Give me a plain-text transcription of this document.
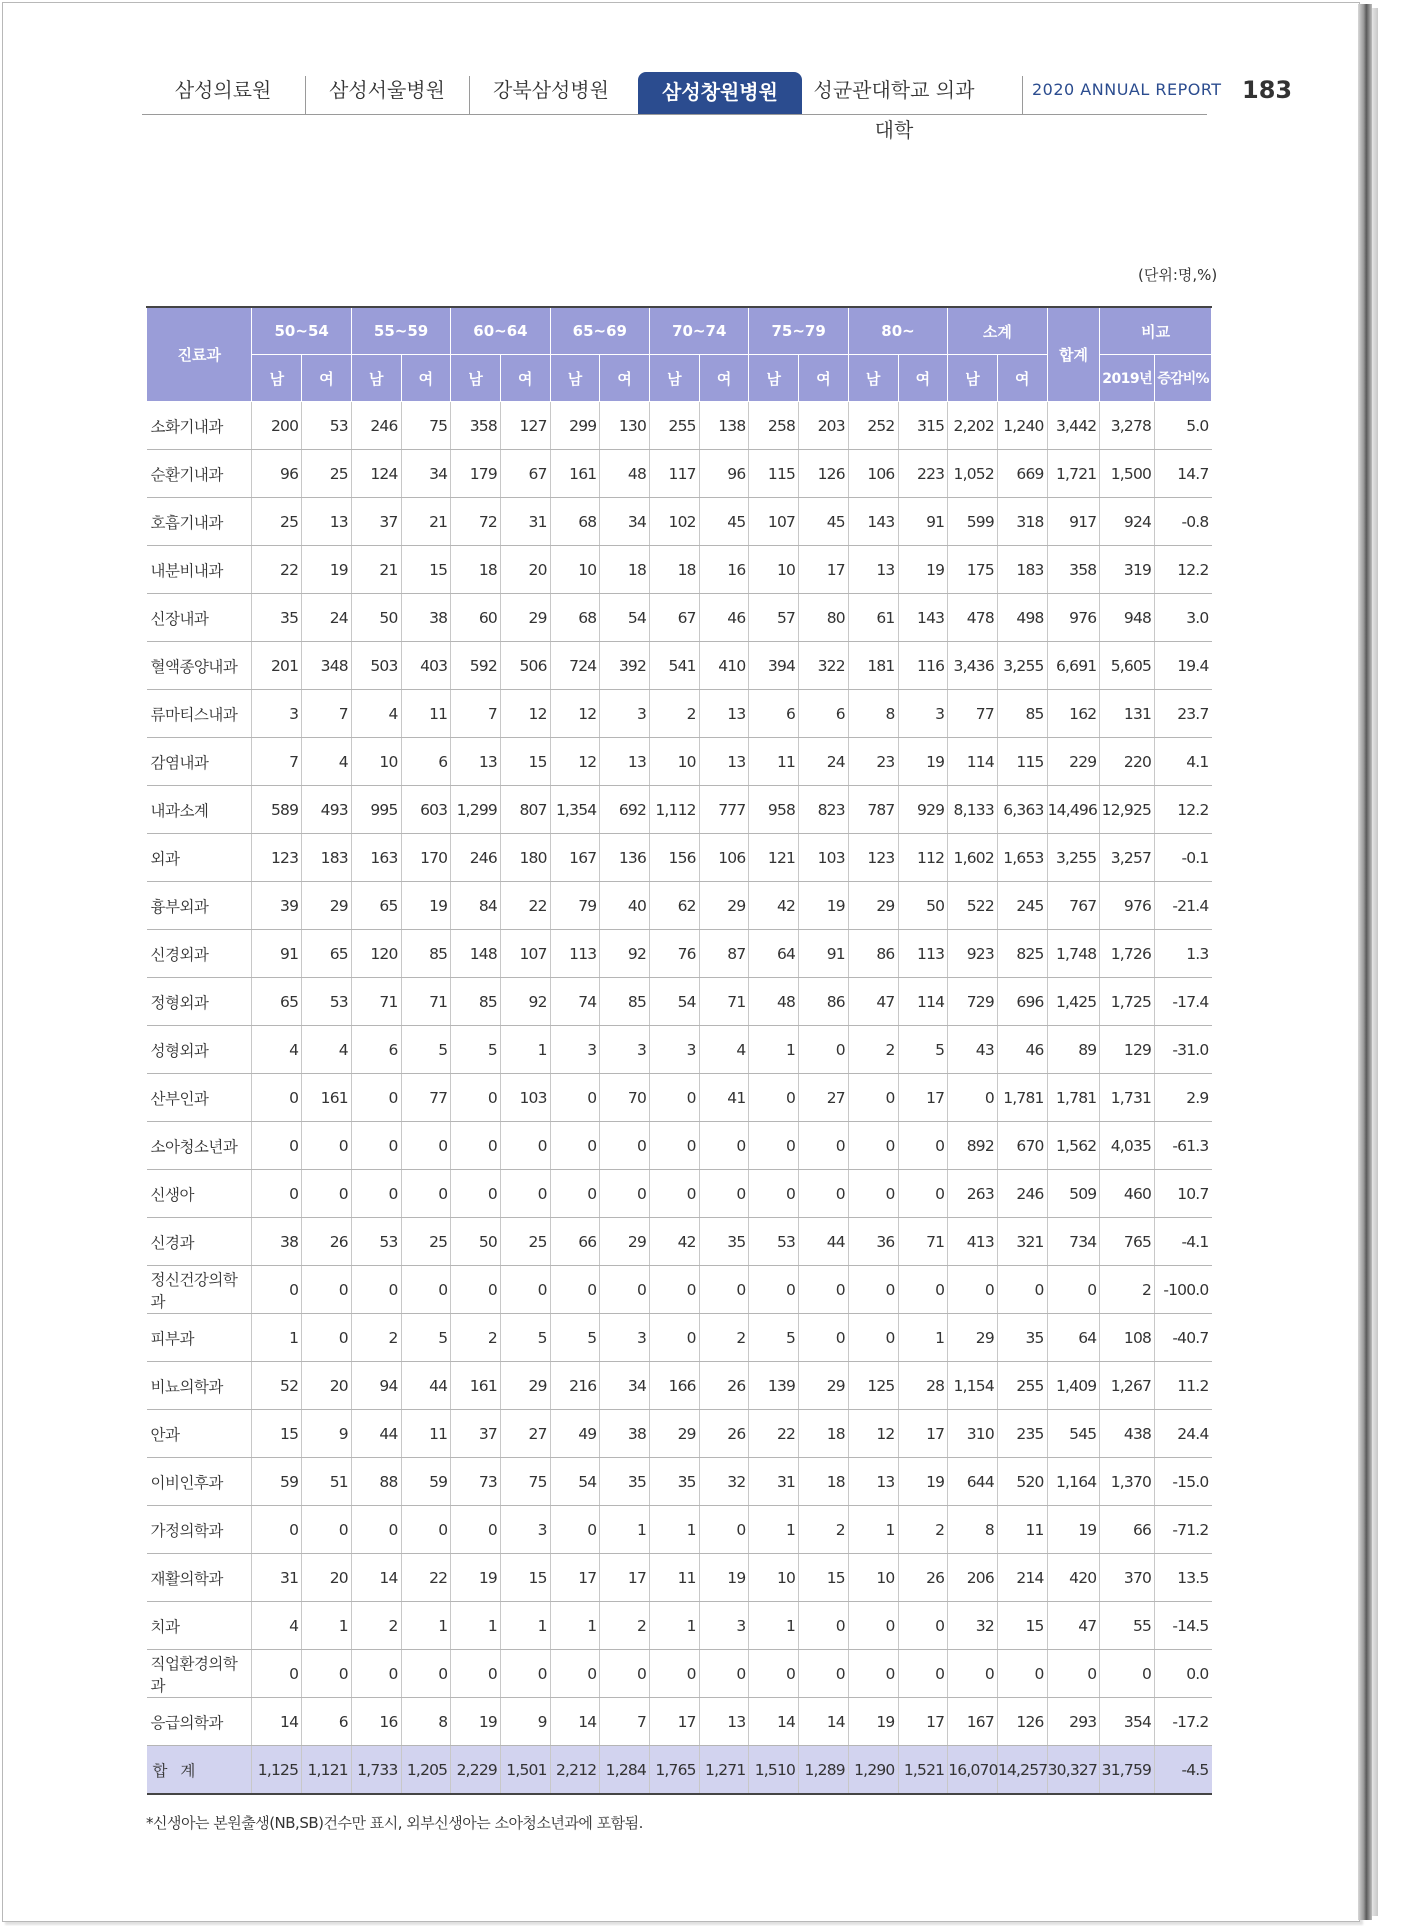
삼성의료원	삼성서울병원	강북삼성병원	삼성창원병원	성균관대학교 의과대학
2020 ANNUAL REPORT 183
(단위:명,%)
진료과	50~54		55~59		60~64		65~69		70~74		75~79		80~		소계		합계	비교	
	남	여	남	여	남	여	남	여	남	여	남	여	남	여	남	여		2019년	증감비%
소화기내과	200	53	246	75	358	127	299	130	255	138	258	203	252	315	2,202	1,240	3,442	3,278	5.0
순환기내과	96	25	124	34	179	67	161	48	117	96	115	126	106	223	1,052	669	1,721	1,500	14.7
호흡기내과	25	13	37	21	72	31	68	34	102	45	107	45	143	91	599	318	917	924	-0.8
내분비내과	22	19	21	15	18	20	10	18	18	16	10	17	13	19	175	183	358	319	12.2
신장내과	35	24	50	38	60	29	68	54	67	46	57	80	61	143	478	498	976	948	3.0
혈액종양내과	201	348	503	403	592	506	724	392	541	410	394	322	181	116	3,436	3,255	6,691	5,605	19.4
류마티스내과	3	7	4	11	7	12	12	3	2	13	6	6	8	3	77	85	162	131	23.7
감염내과	7	4	10	6	13	15	12	13	10	13	11	24	23	19	114	115	229	220	4.1
내과소계	589	493	995	603	1,299	807	1,354	692	1,112	777	958	823	787	929	8,133	6,363	14,496	12,925	12.2
외과	123	183	163	170	246	180	167	136	156	106	121	103	123	112	1,602	1,653	3,255	3,257	-0.1
흉부외과	39	29	65	19	84	22	79	40	62	29	42	19	29	50	522	245	767	976	-21.4
신경외과	91	65	120	85	148	107	113	92	76	87	64	91	86	113	923	825	1,748	1,726	1.3
정형외과	65	53	71	71	85	92	74	85	54	71	48	86	47	114	729	696	1,425	1,725	-17.4
성형외과	4	4	6	5	5	1	3	3	3	4	1	0	2	5	43	46	89	129	-31.0
산부인과	0	161	0	77	0	103	0	70	0	41	0	27	0	17	0	1,781	1,781	1,731	2.9
소아청소년과	0	0	0	0	0	0	0	0	0	0	0	0	0	0	892	670	1,562	4,035	-61.3
신생아	0	0	0	0	0	0	0	0	0	0	0	0	0	0	263	246	509	460	10.7
신경과	38	26	53	25	50	25	66	29	42	35	53	44	36	71	413	321	734	765	-4.1
정신건강의학과	0	0	0	0	0	0	0	0	0	0	0	0	0	0	0	0	0	2	-100.0
피부과	1	0	2	5	2	5	5	3	0	2	5	0	0	1	29	35	64	108	-40.7
비뇨의학과	52	20	94	44	161	29	216	34	166	26	139	29	125	28	1,154	255	1,409	1,267	11.2
안과	15	9	44	11	37	27	49	38	29	26	22	18	12	17	310	235	545	438	24.4
이비인후과	59	51	88	59	73	75	54	35	35	32	31	18	13	19	644	520	1,164	1,370	-15.0
가정의학과	0	0	0	0	0	3	0	1	1	0	1	2	1	2	8	11	19	66	-71.2
재활의학과	31	20	14	22	19	15	17	17	11	19	10	15	10	26	206	214	420	370	13.5
치과	4	1	2	1	1	1	1	2	1	3	1	0	0	0	32	15	47	55	-14.5
직업환경의학과	0	0	0	0	0	0	0	0	0	0	0	0	0	0	0	0	0	0	0.0
응급의학과	14	6	16	8	19	9	14	7	17	13	14	14	19	17	167	126	293	354	-17.2
합 계	1,125	1,121	1,733	1,205	2,229	1,501	2,212	1,284	1,765	1,271	1,510	1,289	1,290	1,521	16,070	14,257	30,327	31,759	-4.5
*신생아는 본원출생(NB,SB)건수만 표시, 외부신생아는 소아청소년과에 포함됨.
